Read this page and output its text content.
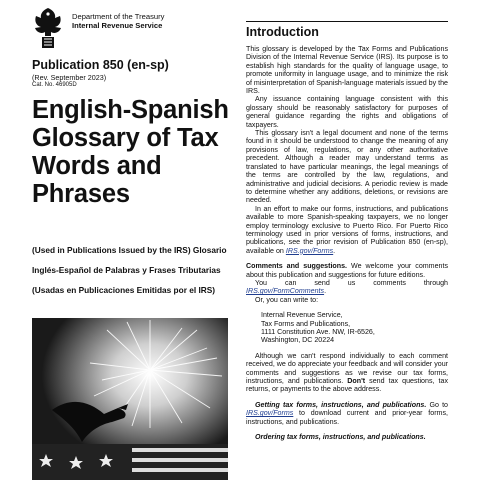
Department of the Treasury
Internal Revenue Service
Publication 850 (en-sp)
(Rev. September 2023)
Cat. No. 46905D
English-Spanish Glossary of Tax Words and Phrases

(Used in Publications Issued by the IRS) Glosario Inglés-Español de Palabras y Frases Tributarias (Usadas en Publicaciones Emitidas por el IRS)

Introduction

This glossary is developed by the Tax Forms and Publications Division of the Internal Revenue Service (IRS). Its purpose is to establish high standards for the quality of language usage, to promote uniformity in language usage, and to minimize the risk of misinterpretation of Spanish-language materials issued by the IRS.

Any issuance containing language consistent with this glossary should be reasonably satisfactory for purposes of general guidance regarding the rights and obligations of taxpayers.

This glossary isn't a legal document and none of the terms found in it should be understood to change the meaning of any provisions of law, regulations, or any other authoritative precedent. Although a reader may understand terms as translated to have particular meanings, the legal meanings of the terms are controlled by the law, regulations, and administrative and judicial decisions. A periodic review is made to determine whether any additions, deletions, or revisions are needed.

In an effort to make our forms, instructions, and publications available to more Spanish-speaking taxpayers, we no longer employ terminology exclusive to Puerto Rico. For Puerto Rico terminology used in prior versions of forms, instructions, and publications, see the prior revision of Publication 850 (en-sp), available on IRS.gov/Forms.

Comments and suggestions. We welcome your comments about this publication and suggestions for future editions.

You can send us comments through IRS.gov/FormComments.

Or, you can write to:

Internal Revenue Service,

Tax Forms and Publications,

1111 Constitution Ave. NW, IR-6526,

Washington, DC 20224

Although we can't respond individually to each comment received, we do appreciate your feedback and will consider your comments and suggestions as we revise our tax forms, instructions, and publications. Don't send tax questions, tax returns, or payments to the above address.

Getting tax forms, instructions, and publications. Go to IRS.gov/Forms to download current and prior-year forms, instructions, and publications.

Ordering tax forms, instructions, and publications.
